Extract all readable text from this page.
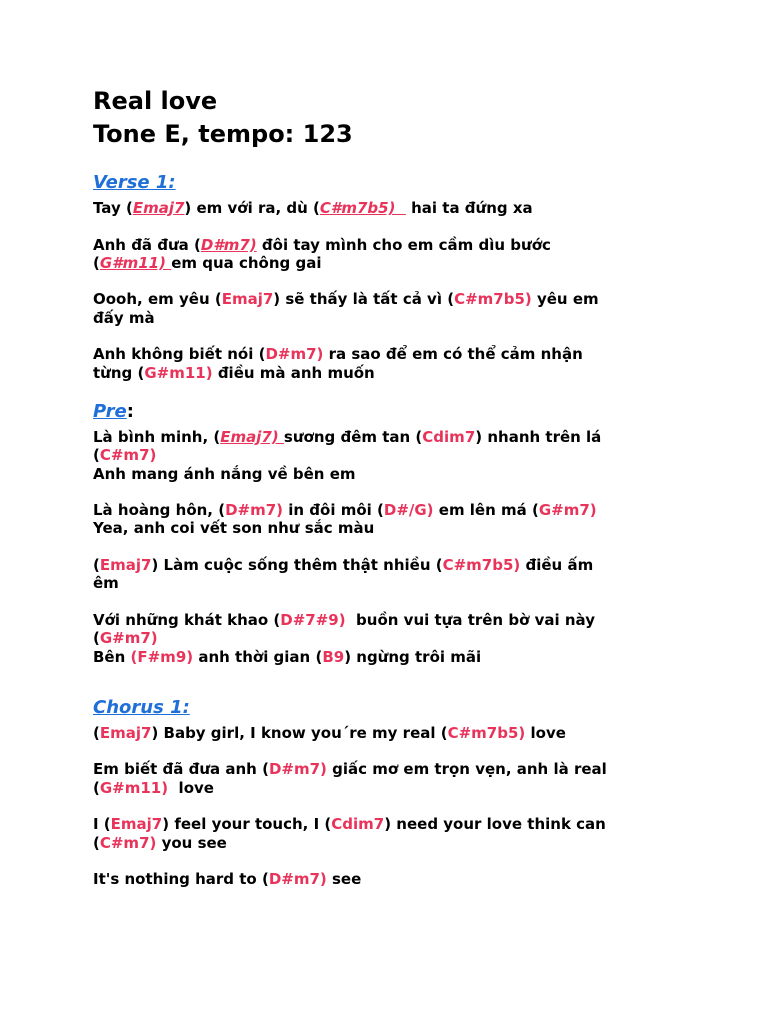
Real love

Tone E, tempo: 123

Verse 1:

Tay (Emaj7) em với ra, dù (C#m7b5)   hai ta đứng xa

Anh đã đưa (D#m7) đôi tay mình cho em cầm dìu bước

(G#m11) em qua chông gai

Oooh, em yêu (Emaj7) sẽ thấy là tất cả vì (C#m7b5) yêu em

đấy mà

Anh không biết nói (D#m7) ra sao để em có thể cảm nhận

từng (G#m11) điều mà anh muốn

Pre:

Là bình minh, (Emaj7) sương đêm tan (Cdim7) nhanh trên lá

(C#m7)

Anh mang ánh nắng về bên em

Là hoàng hôn, (D#m7) in đôi môi (D#/G) em lên má (G#m7)

Yea, anh coi vết son như sắc màu

(Emaj7) Làm cuộc sống thêm thật nhiều (C#m7b5) điều ấm

êm

Với những khát khao (D#7#9)  buồn vui tựa trên bờ vai này

(G#m7)

Bên (F#m9) anh thời gian (B9) ngừng trôi mãi

Chorus 1:

(Emaj7) Baby girl, I know you´re my real (C#m7b5) love

Em biết đã đưa anh (D#m7) giấc mơ em trọn vẹn, anh là real

(G#m11)  love

I (Emaj7) feel your touch, I (Cdim7) need your love think can

(C#m7) you see

It's nothing hard to (D#m7) see
